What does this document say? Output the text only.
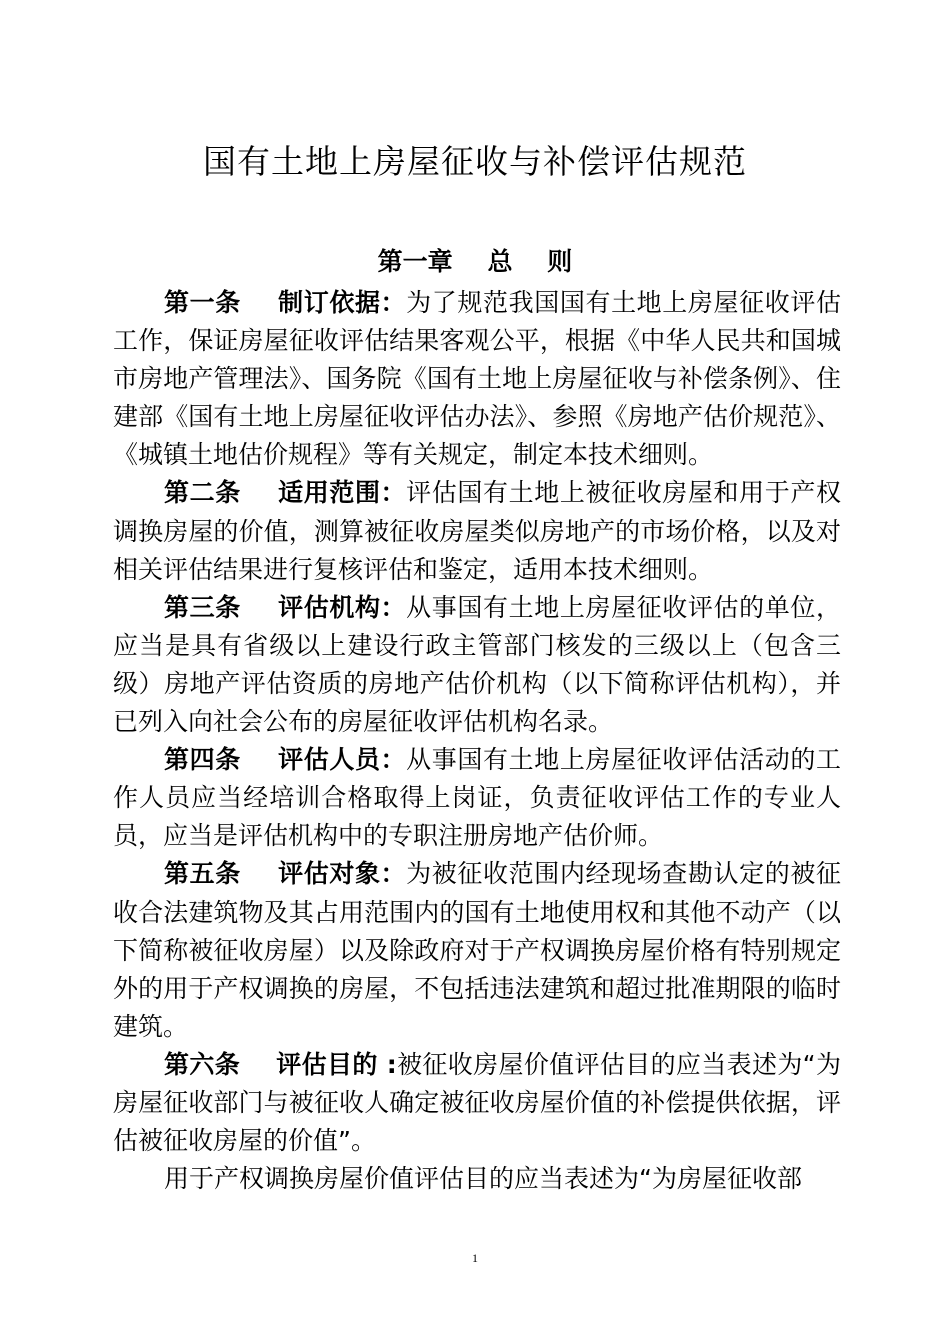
国有土地上房屋征收与补偿评估规范
第一章    总    则

第一条    制订依据：为了规范我国国有土地上房屋征收评估工作，保证房屋征收评估结果客观公平，根据《中华人民共和国城市房地产管理法》、国务院《国有土地上房屋征收与补偿条例》、住建部《国有土地上房屋征收评估办法》、参照《房地产估价规范》、《城镇土地估价规程》等有关规定，制定本技术细则。

第二条    适用范围：评估国有土地上被征收房屋和用于产权调换房屋的价值，测算被征收房屋类似房地产的市场价格，以及对相关评估结果进行复核评估和鉴定，适用本技术细则。

第三条    评估机构：从事国有土地上房屋征收评估的单位，应当是具有省级以上建设行政主管部门核发的三级以上（包含三级）房地产评估资质的房地产估价机构（以下简称评估机构），并已列入向社会公布的房屋征收评估机构名录。

第四条    评估人员：从事国有土地上房屋征收评估活动的工作人员应当经培训合格取得上岗证，负责征收评估工作的专业人员，应当是评估机构中的专职注册房地产估价师。

第五条    评估对象：为被征收范围内经现场查勘认定的被征收合法建筑物及其占用范围内的国有土地使用权和其他不动产（以下简称被征收房屋）以及除政府对于产权调换房屋价格有特别规定外的用于产权调换的房屋，不包括违法建筑和超过批准期限的临时建筑。

第六条    评估目的 :被征收房屋价值评估目的应当表述为“为房屋征收部门与被征收人确定被征收房屋价值的补偿提供依据，评估被征收房屋的价值”。

用于产权调换房屋价值评估目的应当表述为“为房屋征收部

1
